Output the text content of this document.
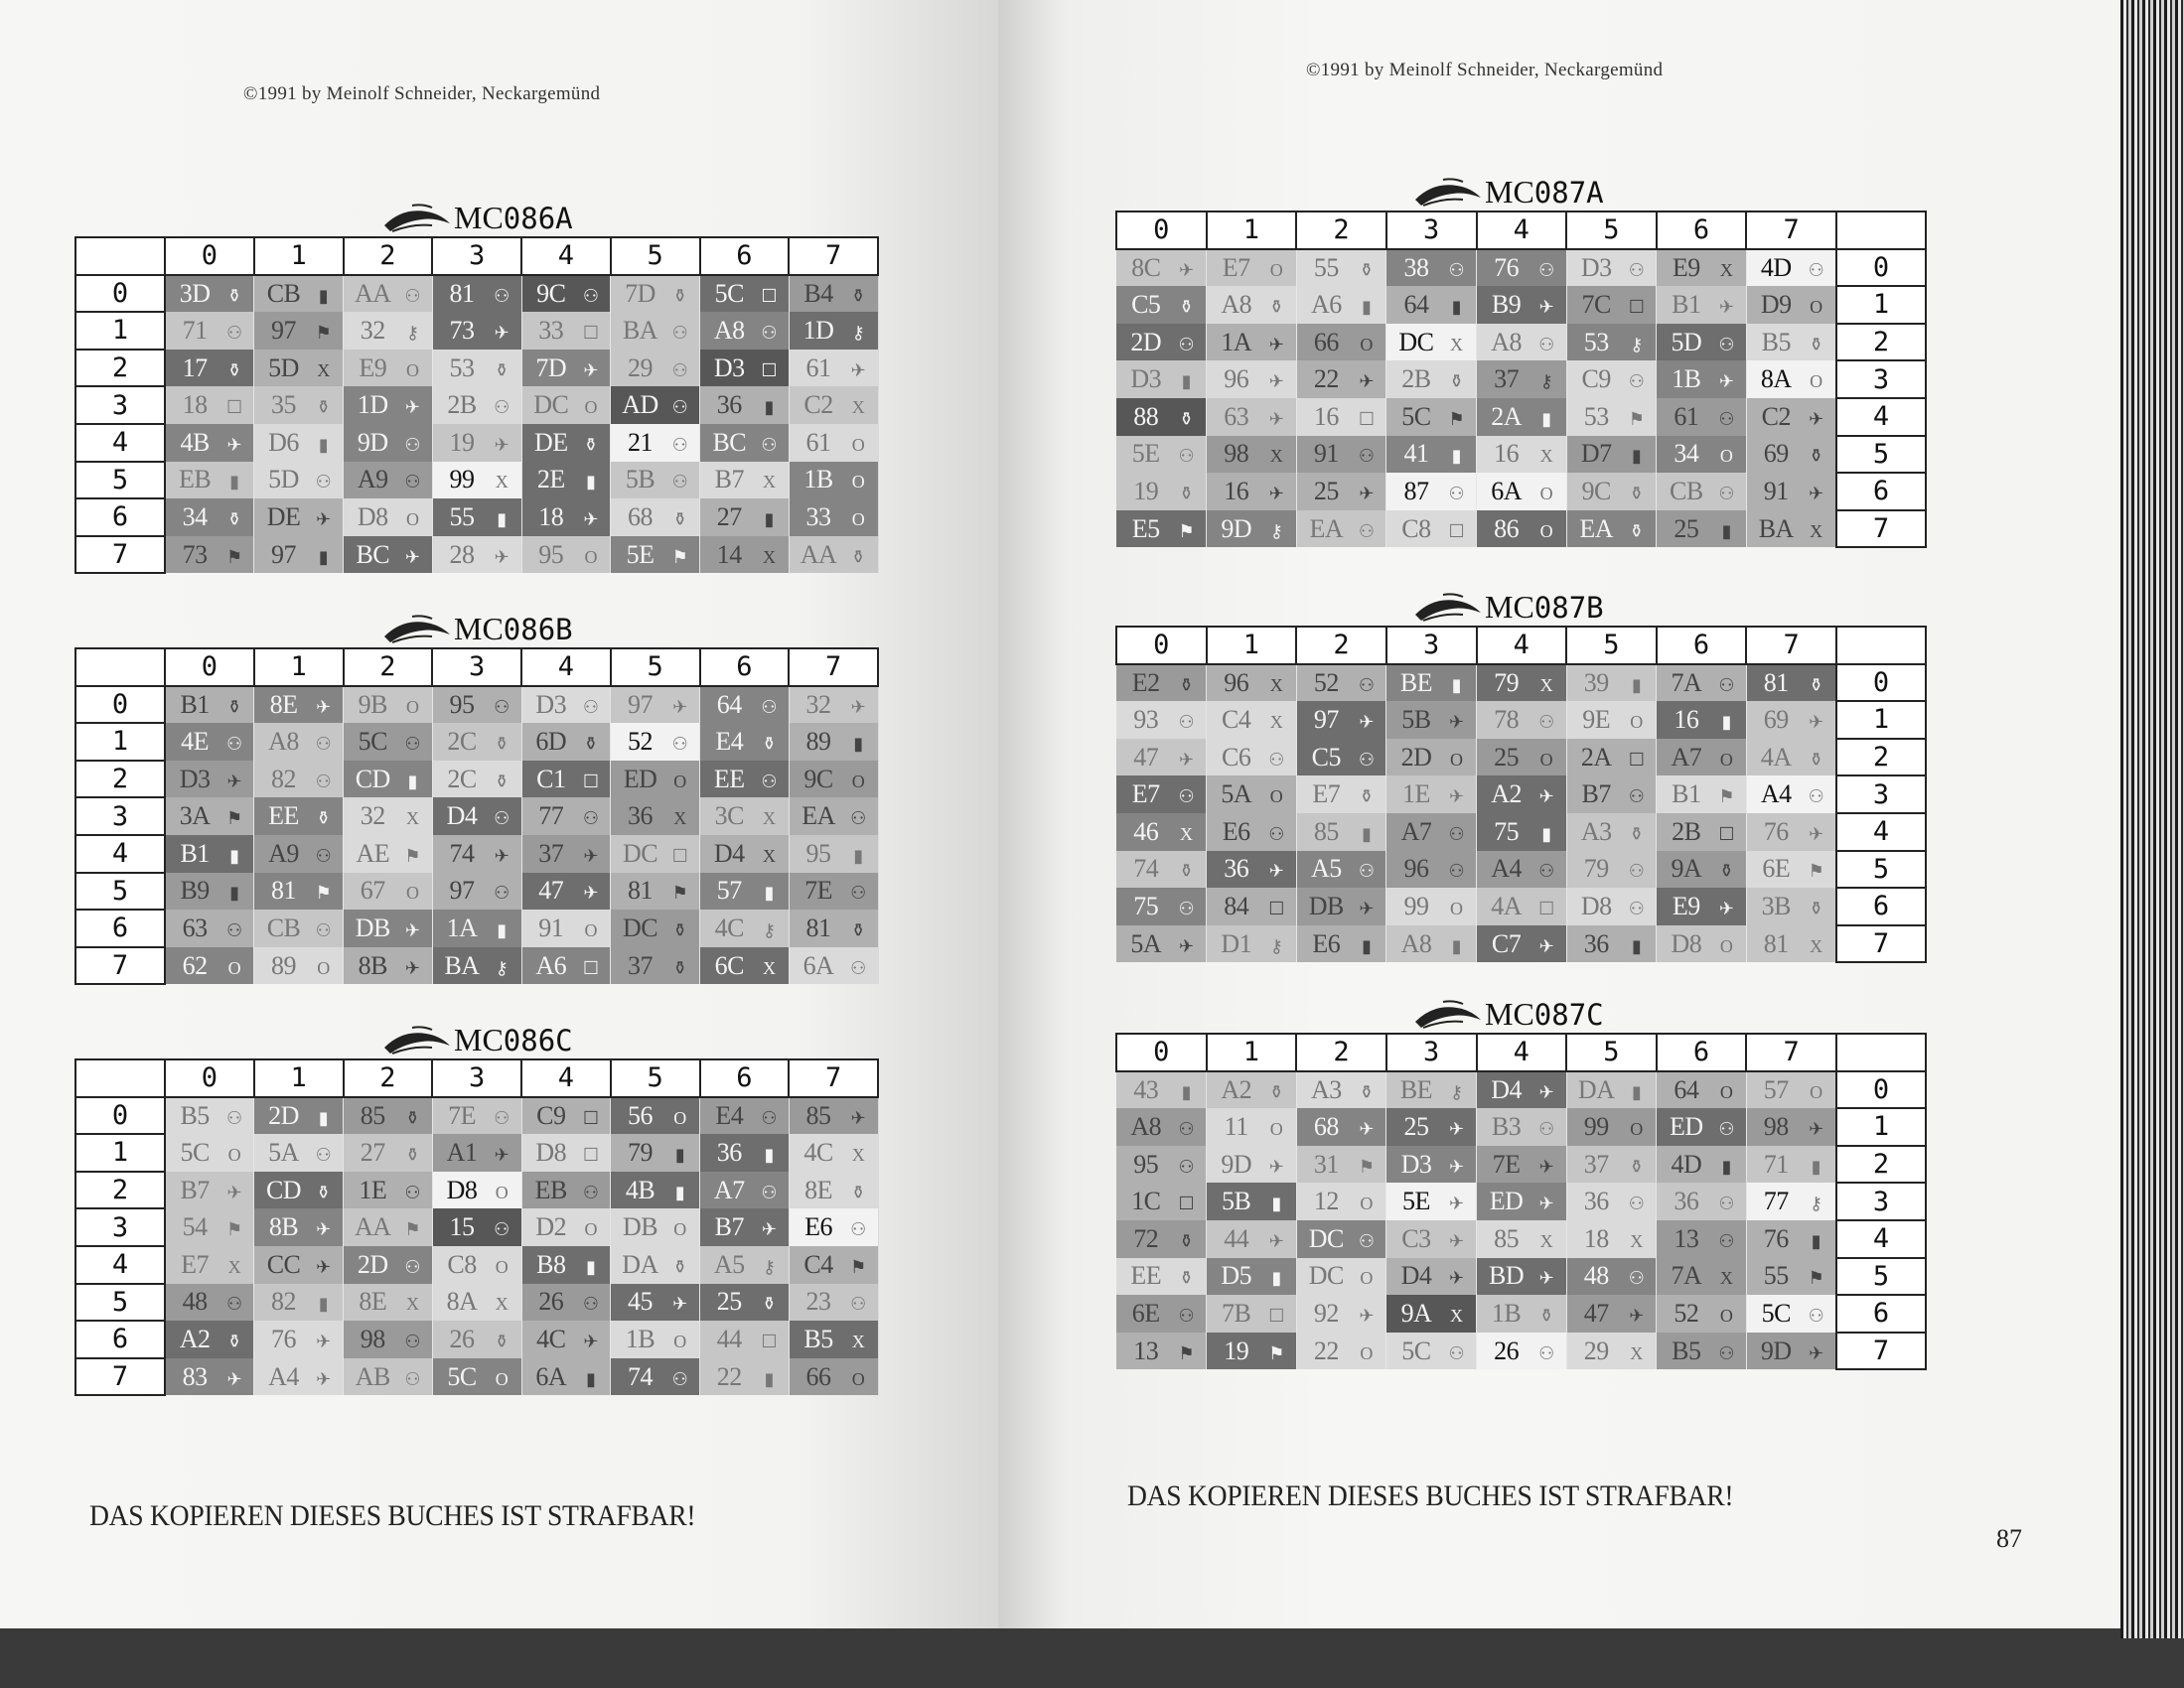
©1991 by Meinolf Schneider, Neckargemünd
MC086A
	0	1	2	3	4	5	6	7
0	3D ⚱	CB ▮	AA ⚇	81 ⚇	9C ⚇	7D ⚱	5C ☐	B4 ⚱
1	71 ⚇	97 ⚑	32 ⚷	73 ✈	33 ☐	BA ⚇	A8 ⚇	1D ⚷
2	17 ⚱	5D X	E9 O	53 ⚱	7D ✈	29 ⚇	D3 ☐	61 ✈
3	18 ☐	35 ⚱	1D ✈	2B ⚇	DC O	AD ⚇	36 ▮	C2 X
4	4B ✈	D6 ▮	9D ⚇	19 ✈	DE ⚱	21 ⚇	BC ⚇	61 O
5	EB ▮	5D ⚇	A9 ⚇	99 X	2E ▮	5B ⚇	B7 X	1B O
6	34 ⚱	DE ✈	D8 O	55 ▮	18 ✈	68 ⚱	27 ▮	33 O
7	73 ⚑	97 ▮	BC ✈	28 ✈	95 O	5E ⚑	14 X	AA ⚱
MC086B
	0	1	2	3	4	5	6	7
0	B1 ⚱	8E ✈	9B O	95 ⚇	D3 ⚇	97 ✈	64 ⚇	32 ✈
1	4E ⚇	A8 ⚇	5C ⚇	2C ⚱	6D ⚱	52 ⚇	E4 ⚱	89 ▮
2	D3 ✈	82 ⚇	CD ▮	2C ⚱	C1 ☐	ED O	EE ⚇	9C O
3	3A ⚑	EE ⚱	32 X	D4 ⚇	77 ⚇	36 X	3C X	EA ⚇
4	B1 ▮	A9 ⚇	AE ⚑	74 ✈	37 ✈	DC ☐	D4 X	95 ▮
5	B9 ▮	81 ⚑	67 O	97 ⚇	47 ✈	81 ⚑	57 ▮	7E ⚇
6	63 ⚇	CB ⚇	DB ✈	1A ▮	91 O	DC ⚱	4C ⚷	81 ⚱
7	62 O	89 O	8B ✈	BA ⚷	A6 ☐	37 ⚱	6C X	6A ⚇
MC086C
	0	1	2	3	4	5	6	7
0	B5 ⚇	2D ▮	85 ⚱	7E ⚇	C9 ☐	56 O	E4 ⚇	85 ✈
1	5C O	5A ⚇	27 ⚱	A1 ✈	D8 ☐	79 ▮	36 ▮	4C X
2	B7 ✈	CD ⚱	1E ⚇	D8 O	EB ⚇	4B ▮	A7 ⚇	8E ⚱
3	54 ⚑	8B ✈	AA ⚑	15 ⚇	D2 O	DB O	B7 ✈	E6 ⚇
4	E7 X	CC ✈	2D ⚇	C8 O	B8 ▮	DA ⚱	A5 ⚷	C4 ⚑
5	48 ⚇	82 ▮	8E X	8A X	26 ⚇	45 ✈	25 ⚱	23 ⚇
6	A2 ⚱	76 ✈	98 ⚇	26 ⚱	4C ✈	1B O	44 ☐	B5 X
7	83 ✈	A4 ✈	AB ⚇	5C O	6A ▮	74 ⚇	22 ▮	66 O
DAS KOPIEREN DIESES BUCHES IST STRAFBAR!
©1991 by Meinolf Schneider, Neckargemünd
MC087A
0	1	2	3	4	5	6	7	
8C ✈	E7 O	55 ⚱	38 ⚇	76 ⚇	D3 ⚇	E9 X	4D ⚇	0
C5 ⚱	A8 ⚱	A6 ▮	64 ▮	B9 ✈	7C ☐	B1 ✈	D9 O	1
2D ⚇	1A ✈	66 O	DC X	A8 ⚇	53 ⚷	5D ⚇	B5 ⚱	2
D3 ▮	96 ✈	22 ✈	2B ⚱	37 ⚷	C9 ⚇	1B ✈	8A O	3
88 ⚱	63 ✈	16 ☐	5C ⚑	2A ▮	53 ⚑	61 ⚇	C2 ✈	4
5E ⚇	98 X	91 ⚇	41 ▮	16 X	D7 ▮	34 O	69 ⚱	5
19 ⚱	16 ✈	25 ✈	87 ⚇	6A O	9C ⚱	CB ⚇	91 ✈	6
E5 ⚑	9D ⚷	EA ⚇	C8 ☐	86 O	EA ⚱	25 ▮	BA X	7
MC087B
0	1	2	3	4	5	6	7	
E2 ⚱	96 X	52 ⚇	BE ▮	79 X	39 ▮	7A ⚇	81 ⚱	0
93 ⚇	C4 X	97 ✈	5B ✈	78 ⚇	9E O	16 ▮	69 ✈	1
47 ✈	C6 ⚇	C5 ⚇	2D O	25 O	2A ☐	A7 O	4A ⚱	2
E7 ⚇	5A O	E7 ⚱	1E ✈	A2 ✈	B7 ⚇	B1 ⚑	A4 ⚇	3
46 X	E6 ⚇	85 ▮	A7 ⚇	75 ▮	A3 ⚱	2B ☐	76 ✈	4
74 ⚱	36 ✈	A5 ⚇	96 ⚇	A4 ⚇	79 ⚇	9A ⚱	6E ⚑	5
75 ⚇	84 ☐	DB ✈	99 O	4A ☐	D8 ⚇	E9 ✈	3B ⚱	6
5A ✈	D1 ⚷	E6 ▮	A8 ▮	C7 ✈	36 ▮	D8 O	81 X	7
MC087C
0	1	2	3	4	5	6	7	
43 ▮	A2 ⚱	A3 ⚱	BE ⚷	D4 ✈	DA ▮	64 O	57 O	0
A8 ⚇	11 O	68 ✈	25 ✈	B3 ⚇	99 O	ED ⚇	98 ✈	1
95 ⚇	9D ✈	31 ⚑	D3 ✈	7E ✈	37 ⚱	4D ▮	71 ▮	2
1C ☐	5B ▮	12 O	5E ✈	ED ✈	36 ⚇	36 ⚇	77 ⚷	3
72 ⚱	44 ✈	DC ⚇	C3 ✈	85 X	18 X	13 ⚇	76 ▮	4
EE ⚱	D5 ▮	DC O	D4 ✈	BD ✈	48 ⚇	7A X	55 ⚑	5
6E ⚇	7B ☐	92 ✈	9A X	1B ⚱	47 ✈	52 O	5C ⚇	6
13 ⚑	19 ⚑	22 O	5C ⚇	26 ⚇	29 X	B5 ⚇	9D ✈	7
DAS KOPIEREN DIESES BUCHES IST STRAFBAR!
87
